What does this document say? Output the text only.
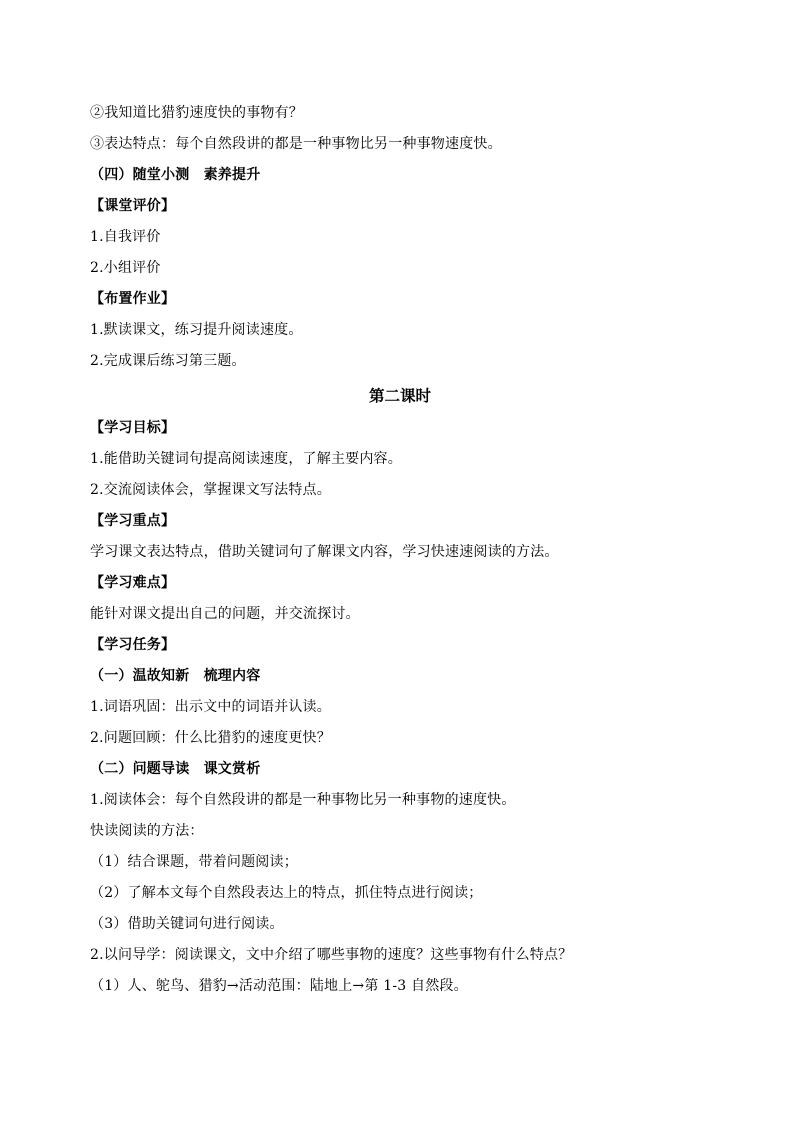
②我知道比猎豹速度快的事物有？
③表达特点：每个自然段讲的都是一种事物比另一种事物速度快。
（四）随堂小测　素养提升
【课堂评价】
1.自我评价
2.小组评价
【布置作业】
1.默读课文，练习提升阅读速度。
2.完成课后练习第三题。
第二课时
【学习目标】
1.能借助关键词句提高阅读速度，了解主要内容。
2.交流阅读体会，掌握课文写法特点。
【学习重点】
学习课文表达特点，借助关键词句了解课文内容，学习快速速阅读的方法。
【学习难点】
能针对课文提出自己的问题，并交流探讨。
【学习任务】
（一）温故知新　梳理内容
1.词语巩固：出示文中的词语并认读。
2.问题回顾：什么比猎豹的速度更快？
（二）问题导读　课文赏析
1.阅读体会：每个自然段讲的都是一种事物比另一种事物的速度快。
快读阅读的方法：
（1）结合课题，带着问题阅读；
（2）了解本文每个自然段表达上的特点，抓住特点进行阅读；
（3）借助关键词句进行阅读。
2.以问导学：阅读课文，文中介绍了哪些事物的速度？这些事物有什么特点？
（1）人、鸵鸟、猎豹→活动范围：陆地上→第 1-3 自然段。
